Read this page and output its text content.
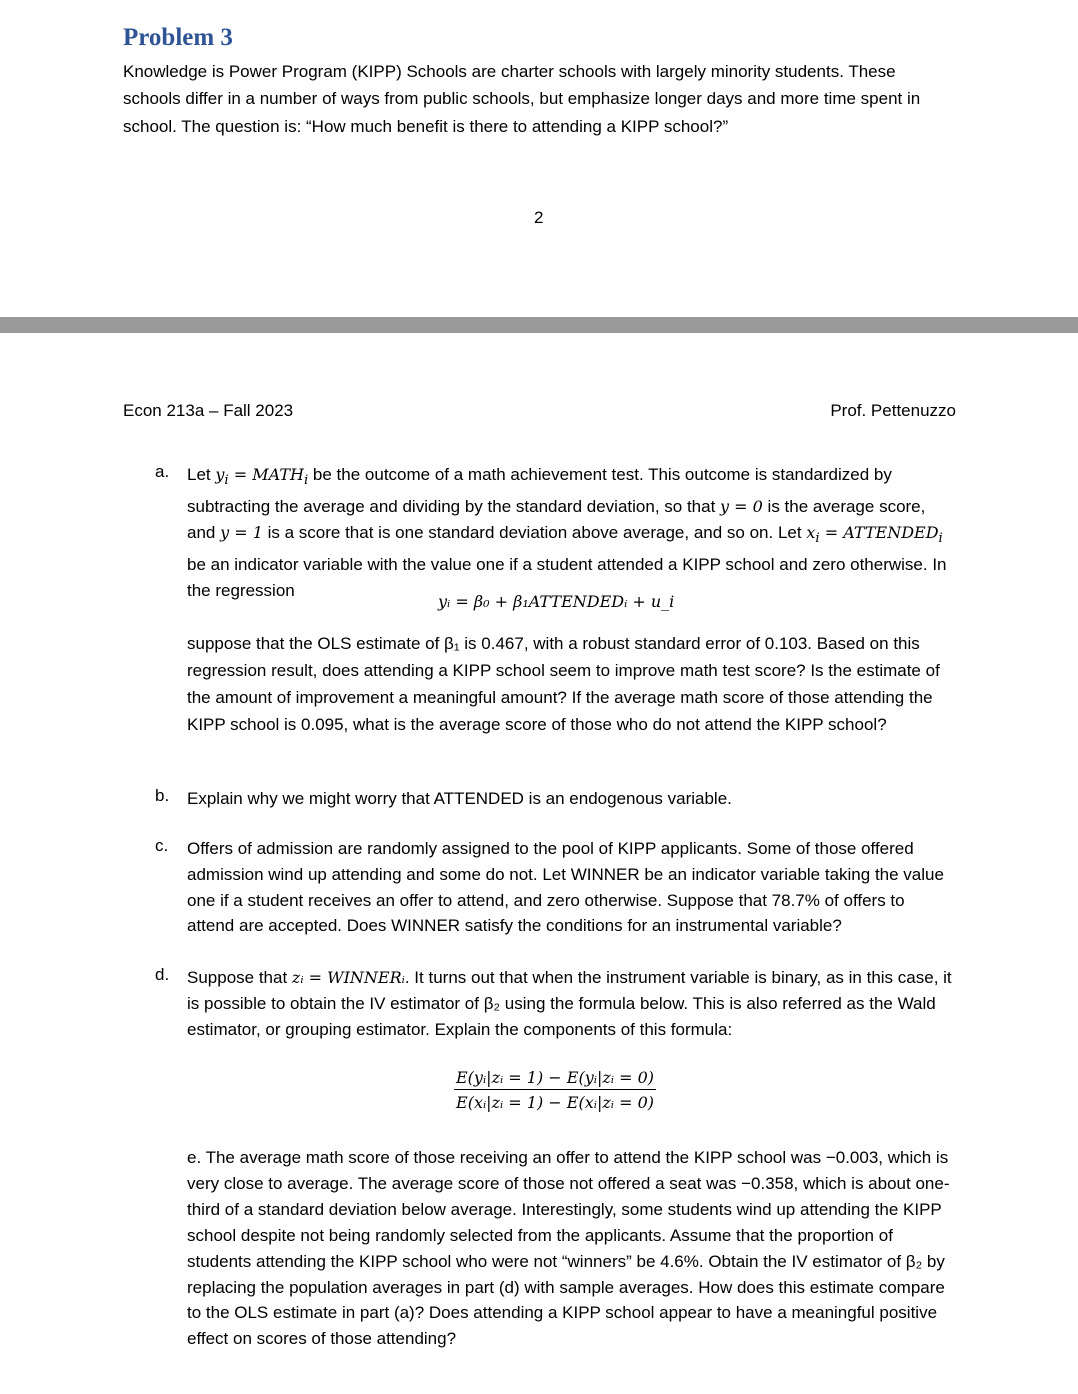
Problem 3
Knowledge is Power Program (KIPP) Schools are charter schools with largely minority students. These schools differ in a number of ways from public schools, but emphasize longer days and more time spent in school. The question is: “How much benefit is there to attending a KIPP school?”
2
Econ 213a – Fall 2023	Prof. Pettenuzzo
a. Let $y_i$ = $MATH_i$ be the outcome of a math achievement test. This outcome is standardized by subtracting the average and dividing by the standard deviation, so that y = 0 is the average score, and y = 1 is a score that is one standard deviation above average, and so on. Let $x_i$ = $ATTENDED_i$ be an indicator variable with the value one if a student attended a KIPP school and zero otherwise. In the regression
yᵢ = β₀ + β₁ATTENDEDᵢ + u_i
suppose that the OLS estimate of β₁ is 0.467, with a robust standard error of 0.103. Based on this regression result, does attending a KIPP school seem to improve math test score? Is the estimate of the amount of improvement a meaningful amount? If the average math score of those attending the KIPP school is 0.095, what is the average score of those who do not attend the KIPP school?
b. Explain why we might worry that ATTENDED is an endogenous variable.
c. Offers of admission are randomly assigned to the pool of KIPP applicants. Some of those offered admission wind up attending and some do not. Let WINNER be an indicator variable taking the value one if a student receives an offer to attend, and zero otherwise. Suppose that 78.7% of offers to attend are accepted. Does WINNER satisfy the conditions for an instrumental variable?
d. Suppose that zᵢ = WINNERᵢ. It turns out that when the instrument variable is binary, as in this case, it is possible to obtain the IV estimator of β₂ using the formula below. This is also referred as the Wald estimator, or grouping estimator. Explain the components of this formula:
$\frac{\text{E(yᵢ|zᵢ = 1) − E(yᵢ|zᵢ = 0)}}{\text{E(xᵢ|zᵢ = 1) − E(xᵢ|zᵢ = 0)}}$
e. The average math score of those receiving an offer to attend the KIPP school was −0.003, which is very close to average. The average score of those not offered a seat was −0.358, which is about one-third of a standard deviation below average. Interestingly, some students wind up attending the KIPP school despite not being randomly selected from the applicants. Assume that the proportion of students attending the KIPP school who were not “winners” be 4.6%. Obtain the IV estimator of β₂ by replacing the population averages in part (d) with sample averages. How does this estimate compare to the OLS estimate in part (a)? Does attending a KIPP school appear to have a meaningful positive effect on scores of those attending?
